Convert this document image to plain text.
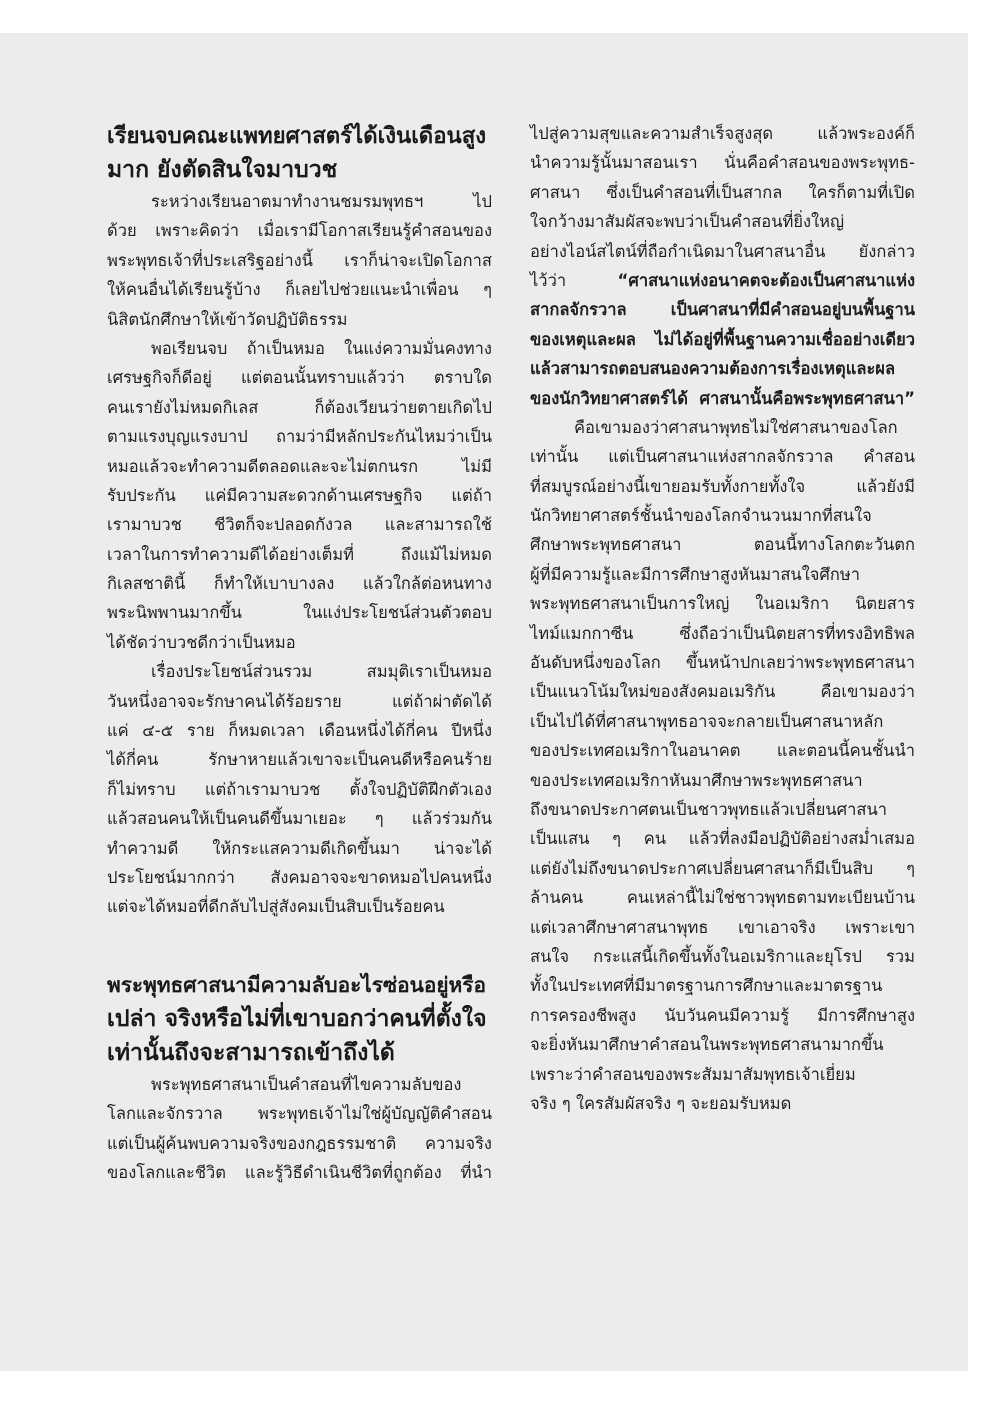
เรียนจบคณะแพทยศาสตร์ได้เงินเดือนสูง
มาก ยังตัดสินใจมาบวช
ระหว่างเรียนอาตมาทำงานชมรมพุทธฯ ไป
ด้วย เพราะคิดว่า เมื่อเรามีโอกาสเรียนรู้คำสอนของ
พระพุทธเจ้าที่ประเสริฐอย่างนี้ เราก็น่าจะเปิดโอกาส
ให้คนอื่นได้เรียนรู้บ้าง ก็เลยไปช่วยแนะนำเพื่อน ๆ
นิสิตนักศึกษาให้เข้าวัดปฏิบัติธรรม
พอเรียนจบ ถ้าเป็นหมอ ในแง่ความมั่นคงทาง
เศรษฐกิจก็ดีอยู่ แต่ตอนนั้นทราบแล้วว่า ตราบใด
คนเรายังไม่หมดกิเลส ก็ต้องเวียนว่ายตายเกิดไป
ตามแรงบุญแรงบาป ถามว่ามีหลักประกันไหมว่าเป็น
หมอแล้วจะทำความดีตลอดและจะไม่ตกนรก ไม่มี
รับประกัน แค่มีความสะดวกด้านเศรษฐกิจ แต่ถ้า
เรามาบวช ชีวิตก็จะปลอดกังวล และสามารถใช้
เวลาในการทำความดีได้อย่างเต็มที่ ถึงแม้ไม่หมด
กิเลสชาตินี้ ก็ทำให้เบาบางลง แล้วใกล้ต่อหนทาง
พระนิพพานมากขึ้น ในแง่ประโยชน์ส่วนตัวตอบ
ได้ชัดว่าบวชดีกว่าเป็นหมอ
เรื่องประโยชน์ส่วนรวม สมมุติเราเป็นหมอ
วันหนึ่งอาจจะรักษาคนได้ร้อยราย แต่ถ้าผ่าตัดได้
แค่ ๔-๕ ราย ก็หมดเวลา เดือนหนึ่งได้กี่คน ปีหนึ่ง
ได้กี่คน รักษาหายแล้วเขาจะเป็นคนดีหรือคนร้าย
ก็ไม่ทราบ แต่ถ้าเรามาบวช ตั้งใจปฏิบัติฝึกตัวเอง
แล้วสอนคนให้เป็นคนดีขึ้นมาเยอะ ๆ แล้วร่วมกัน
ทำความดี ให้กระแสความดีเกิดขึ้นมา น่าจะได้
ประโยชน์มากกว่า สังคมอาจจะขาดหมอไปคนหนึ่ง
แต่จะได้หมอที่ดีกลับไปสู่สังคมเป็นสิบเป็นร้อยคน
พระพุทธศาสนามีความลับอะไรซ่อนอยู่หรือ
เปล่า จริงหรือไม่ที่เขาบอกว่าคนที่ตั้งใจ
เท่านั้นถึงจะสามารถเข้าถึงได้
พระพุทธศาสนาเป็นคำสอนที่ไขความลับของ
โลกและจักรวาล พระพุทธเจ้าไม่ใช่ผู้บัญญัติคำสอน
แต่เป็นผู้ค้นพบความจริงของกฎธรรมชาติ ความจริง
ของโลกและชีวิต และรู้วิธีดำเนินชีวิตที่ถูกต้อง ที่นำ
ไปสู่ความสุขและความสำเร็จสูงสุด แล้วพระองค์ก็
นำความรู้นั้นมาสอนเรา นั่นคือคำสอนของพระพุทธ-
ศาสนา ซึ่งเป็นคำสอนที่เป็นสากล ใครก็ตามที่เปิด
ใจกว้างมาสัมผัสจะพบว่าเป็นคำสอนที่ยิ่งใหญ่
อย่างไอน์สไตน์ที่ถือกำเนิดมาในศาสนาอื่น ยังกล่าว
ไว้ว่า	“ศาสนาแห่งอนาคตจะต้องเป็นศาสนาแห่ง
สากลจักรวาล เป็นศาสนาที่มีคำสอนอยู่บนพื้นฐาน
ของเหตุและผล ไม่ได้อยู่ที่พื้นฐานความเชื่ออย่างเดียว
แล้วสามารถตอบสนองความต้องการเรื่องเหตุและผล
ของนักวิทยาศาสตร์ได้ ศาสนานั้นคือพระพุทธศาสนา”
คือเขามองว่าศาสนาพุทธไม่ใช่ศาสนาของโลก
เท่านั้น แต่เป็นศาสนาแห่งสากลจักรวาล คำสอน
ที่สมบูรณ์อย่างนี้เขายอมรับทั้งกายทั้งใจ แล้วยังมี
นักวิทยาศาสตร์ชั้นนำของโลกจำนวนมากที่สนใจ
ศึกษาพระพุทธศาสนา ตอนนี้ทางโลกตะวันตก
ผู้ที่มีความรู้และมีการศึกษาสูงหันมาสนใจศึกษา
พระพุทธศาสนาเป็นการใหญ่ ในอเมริกา นิตยสาร
ไทม์แมกกาซีน ซึ่งถือว่าเป็นนิตยสารที่ทรงอิทธิพล
อันดับหนึ่งของโลก ขึ้นหน้าปกเลยว่าพระพุทธศาสนา
เป็นแนวโน้มใหม่ของสังคมอเมริกัน คือเขามองว่า
เป็นไปได้ที่ศาสนาพุทธอาจจะกลายเป็นศาสนาหลัก
ของประเทศอเมริกาในอนาคต และตอนนี้คนชั้นนำ
ของประเทศอเมริกาหันมาศึกษาพระพุทธศาสนา
ถึงขนาดประกาศตนเป็นชาวพุทธแล้วเปลี่ยนศาสนา
เป็นแสน ๆ คน แล้วที่ลงมือปฏิบัติอย่างสม่ำเสมอ
แต่ยังไม่ถึงขนาดประกาศเปลี่ยนศาสนาก็มีเป็นสิบ ๆ
ล้านคน คนเหล่านี้ไม่ใช่ชาวพุทธตามทะเบียนบ้าน
แต่เวลาศึกษาศาสนาพุทธ เขาเอาจริง เพราะเขา
สนใจ กระแสนี้เกิดขึ้นทั้งในอเมริกาและยุโรป รวม
ทั้งในประเทศที่มีมาตรฐานการศึกษาและมาตรฐาน
การครองชีพสูง นับวันคนมีความรู้ มีการศึกษาสูง
จะยิ่งหันมาศึกษาคำสอนในพระพุทธศาสนามากขึ้น
เพราะว่าคำสอนของพระสัมมาสัมพุทธเจ้าเยี่ยม
จริง ๆ ใครสัมผัสจริง ๆ จะยอมรับหมด
